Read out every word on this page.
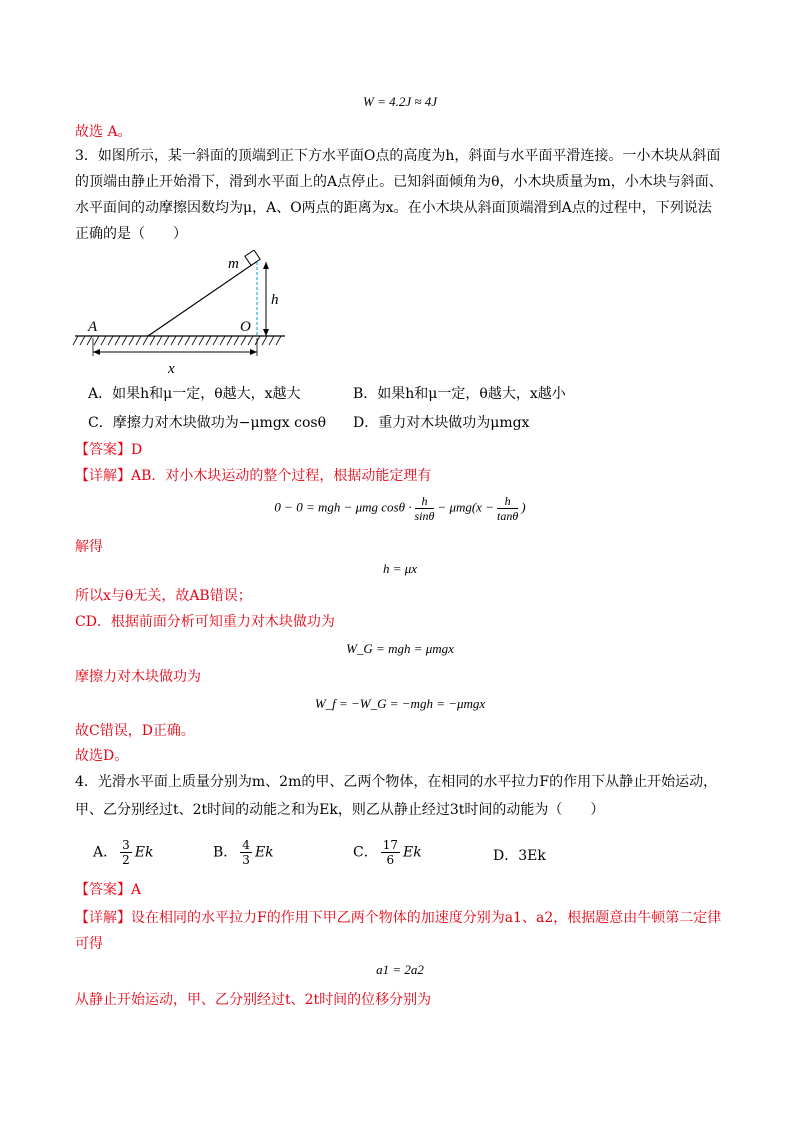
W = 4.2J ≈ 4J
故选 A。
3．如图所示，某一斜面的顶端到正下方水平面O点的高度为h，斜面与水平面平滑连接。一小木块从斜面
的顶端由静止开始滑下，滑到水平面上的A点停止。已知斜面倾角为θ，小木块质量为m，小木块与斜面、
水平面间的动摩擦因数均为μ，A、O两点的距离为x。在小木块从斜面顶端滑到A点的过程中，下列说法
正确的是（　　）
m
h
A	O
x
A．如果h和μ一定，θ越大，x越大	B．如果h和μ一定，θ越大，x越小
C．摩擦力对木块做功为−μmgx cosθ D．重力对木块做功为μmgx
【答案】D
【详解】AB．对小木块运动的整个过程，根据动能定理有
0 − 0 = mgh − μmg $\cos\theta \cdot \frac{h}{\sin\theta} - \mu mg(x - \frac{h}{\tan\theta}$ )
解得
h = μx
所以x与θ无关，故AB错误；
CD．根据前面分析可知重力对木块做功为
W_G = mgh = μmgx
摩擦力对木块做功为
W_f = −W_G = −mgh = −μmgx
故C错误，D正确。
故选D。
4．光滑水平面上质量分别为m、2m的甲、乙两个物体，在相同的水平拉力F的作用下从静止开始运动，
甲、乙分别经过t、2t时间的动能之和为Ek，则乙从静止经过3t时间的动能为（　　）
A． $\frac{3}{2}$ Ek	B． $\frac{4}{3}$ Ek	C． $\frac{17}{6}$ Ek	D．3Ek
【答案】A
【详解】设在相同的水平拉力F的作用下甲乙两个物体的加速度分别为a1、a2，根据题意由牛顿第二定律
可得
a1 = 2a2
从静止开始运动，甲、乙分别经过t、2t时间的位移分别为
